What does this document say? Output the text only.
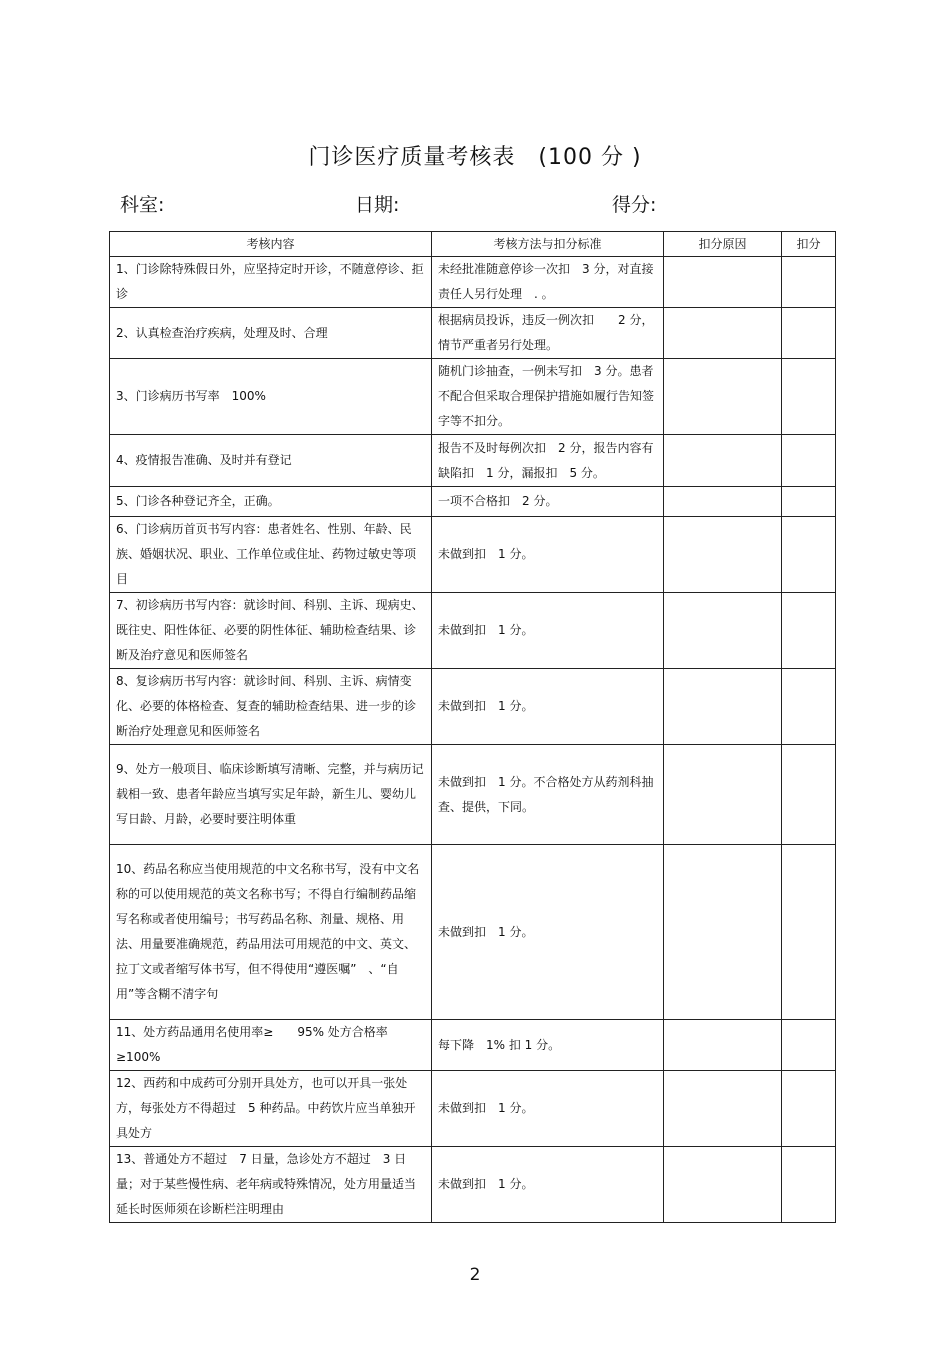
门诊医疗质量考核表　(100 分 )
科室:	日期:	得分:
考核内容	考核方法与扣分标准	扣分原因	扣分
1、门诊除特殊假日外，应坚持定时开诊，不随意停诊、拒诊	未经批准随意停诊一次扣　3 分，对直接责任人另行处理　. 。		
2、认真检查治疗疾病，处理及时、合理	根据病员投诉，违反一例次扣　　2 分，情节严重者另行处理。		
3、门诊病历书写率　100%	随机门诊抽查，一例未写扣　3 分。患者不配合但采取合理保护措施如履行告知签字等不扣分。		
4、疫情报告准确、及时并有登记	报告不及时每例次扣　2 分，报告内容有缺陷扣　1 分，漏报扣　5 分。		
5、门诊各种登记齐全，正确。	一项不合格扣　2 分。		
6、门诊病历首页书写内容：患者姓名、性别、年龄、民族、婚姻状况、职业、工作单位或住址、药物过敏史等项目	未做到扣　1 分。		
7、初诊病历书写内容：就诊时间、科别、主诉、现病史、既往史、阳性体征、必要的阴性体征、辅助检查结果、诊断及治疗意见和医师签名	未做到扣　1 分。		
8、复诊病历书写内容：就诊时间、科别、主诉、病情变化、必要的体格检查、复查的辅助检查结果、进一步的诊断治疗处理意见和医师签名	未做到扣　1 分。		
9、处方一般项目、临床诊断填写清晰、完整，并与病历记载相一致、患者年龄应当填写实足年龄，新生儿、婴幼儿写日龄、月龄，必要时要注明体重	未做到扣　1 分。不合格处方从药剂科抽查、提供，下同。		
10、药品名称应当使用规范的中文名称书写，没有中文名称的可以使用规范的英文名称书写；不得自行编制药品缩写名称或者使用编号；书写药品名称、剂量、规格、用法、用量要准确规范，药品用法可用规范的中文、英文、拉丁文或者缩写体书写，但不得使用“遵医嘱”　、“自用”等含糊不清字句	未做到扣　1 分。		
11、处方药品通用名使用率≥　　95% 处方合格率≥100%	每下降　1% 扣 1 分。		
12、西药和中成药可分别开具处方，也可以开具一张处方，每张处方不得超过　5 种药品。中药饮片应当单独开具处方	未做到扣　1 分。		
13、普通处方不超过　7 日量，急诊处方不超过　3 日量；对于某些慢性病、老年病或特殊情况，处方用量适当延长时医师须在诊断栏注明理由	未做到扣　1 分。		
2
